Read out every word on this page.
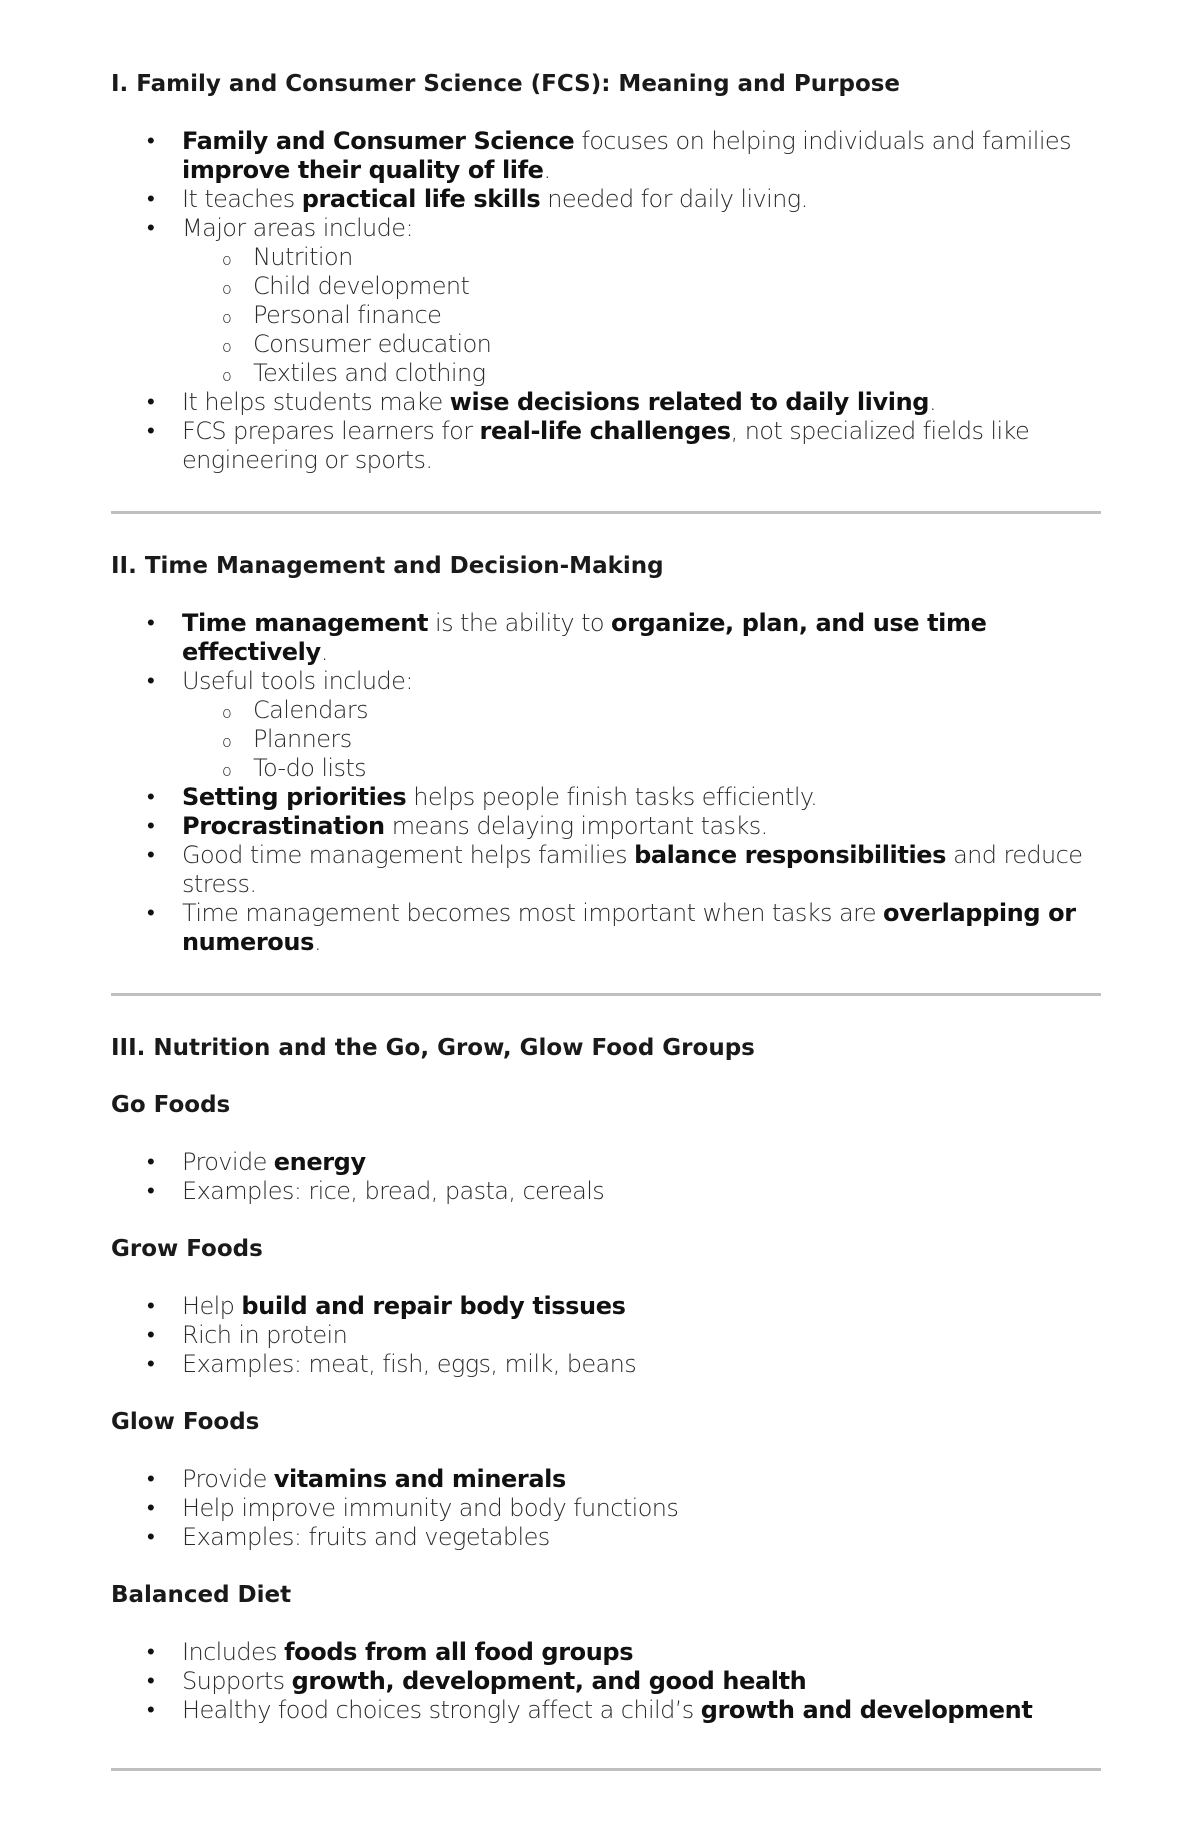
I. Family and Consumer Science (FCS): Meaning and Purpose
• Family and Consumer Science focuses on helping individuals and families improve their quality of life.
• It teaches practical life skills needed for daily living.
• Major areas include:
o Nutrition
o Child development
o Personal finance
o Consumer education
o Textiles and clothing
• It helps students make wise decisions related to daily living.
• FCS prepares learners for real-life challenges, not specialized fields like engineering or sports.
II. Time Management and Decision-Making
• Time management is the ability to organize, plan, and use time effectively.
• Useful tools include:
o Calendars
o Planners
o To-do lists
• Setting priorities helps people finish tasks efficiently.
• Procrastination means delaying important tasks.
• Good time management helps families balance responsibilities and reduce stress.
• Time management becomes most important when tasks are overlapping or numerous.
III. Nutrition and the Go, Grow, Glow Food Groups
Go Foods
• Provide energy
• Examples: rice, bread, pasta, cereals
Grow Foods
• Help build and repair body tissues
• Rich in protein
• Examples: meat, fish, eggs, milk, beans
Glow Foods
• Provide vitamins and minerals
• Help improve immunity and body functions
• Examples: fruits and vegetables
Balanced Diet
• Includes foods from all food groups
• Supports growth, development, and good health
• Healthy food choices strongly affect a child’s growth and development
